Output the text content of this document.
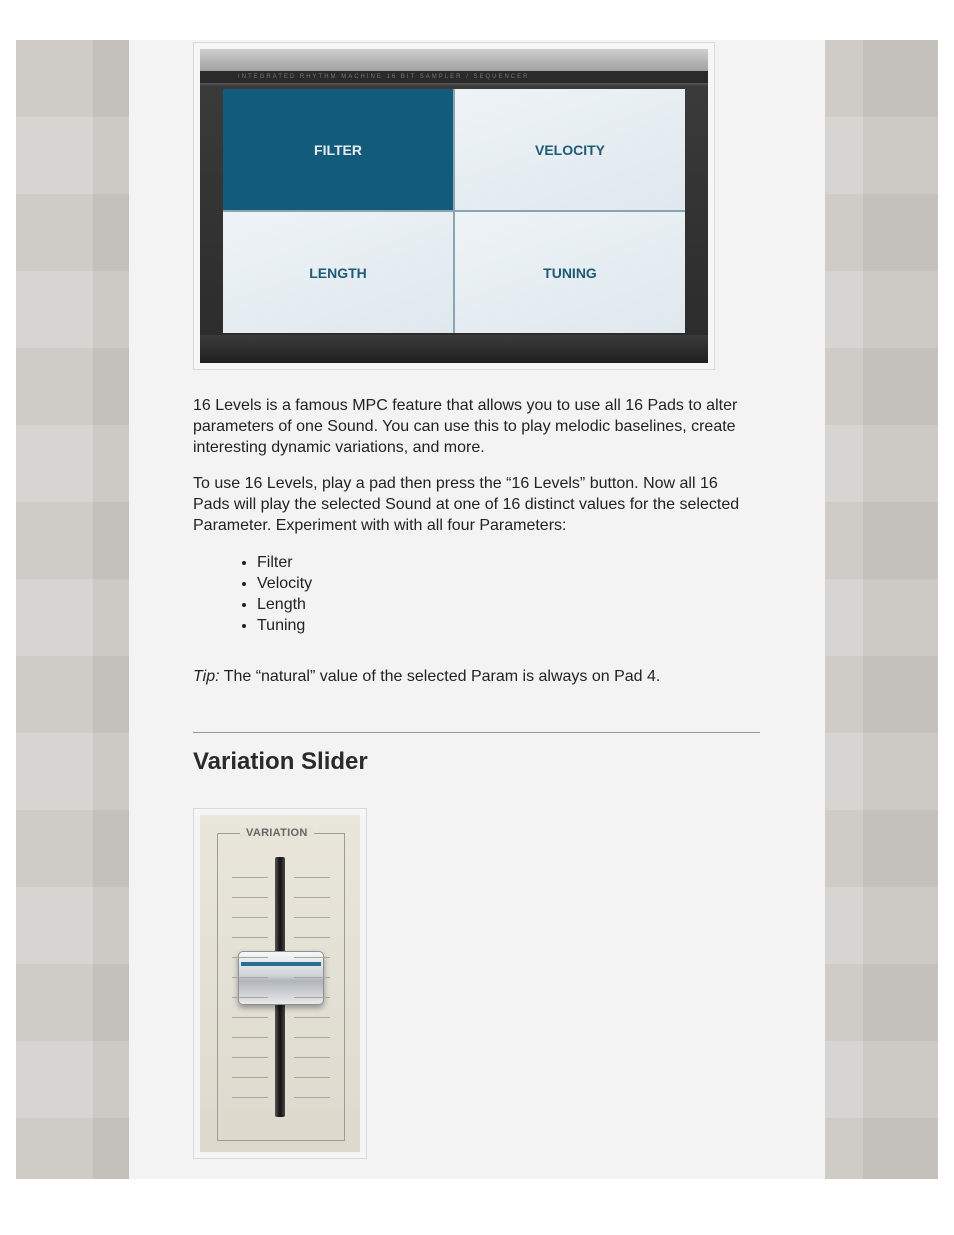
INTEGRATED RHYTHM MACHINE 16 BIT SAMPLER / SEQUENCER
FILTER	VELOCITY
LENGTH	TUNING

16 Levels is a famous MPC feature that allows you to use all 16 Pads to alter parameters of one Sound. You can use this to play melodic baselines, create interesting dynamic variations, and more.

To use 16 Levels, play a pad then press the “16 Levels” button. Now all 16 Pads will play the selected Sound at one of 16 distinct values for the selected Parameter. Experiment with with all four Parameters:

• Filter
• Velocity
• Length
• Tuning

Tip: The “natural” value of the selected Param is always on Pad 4.

Variation Slider
VARIATION
